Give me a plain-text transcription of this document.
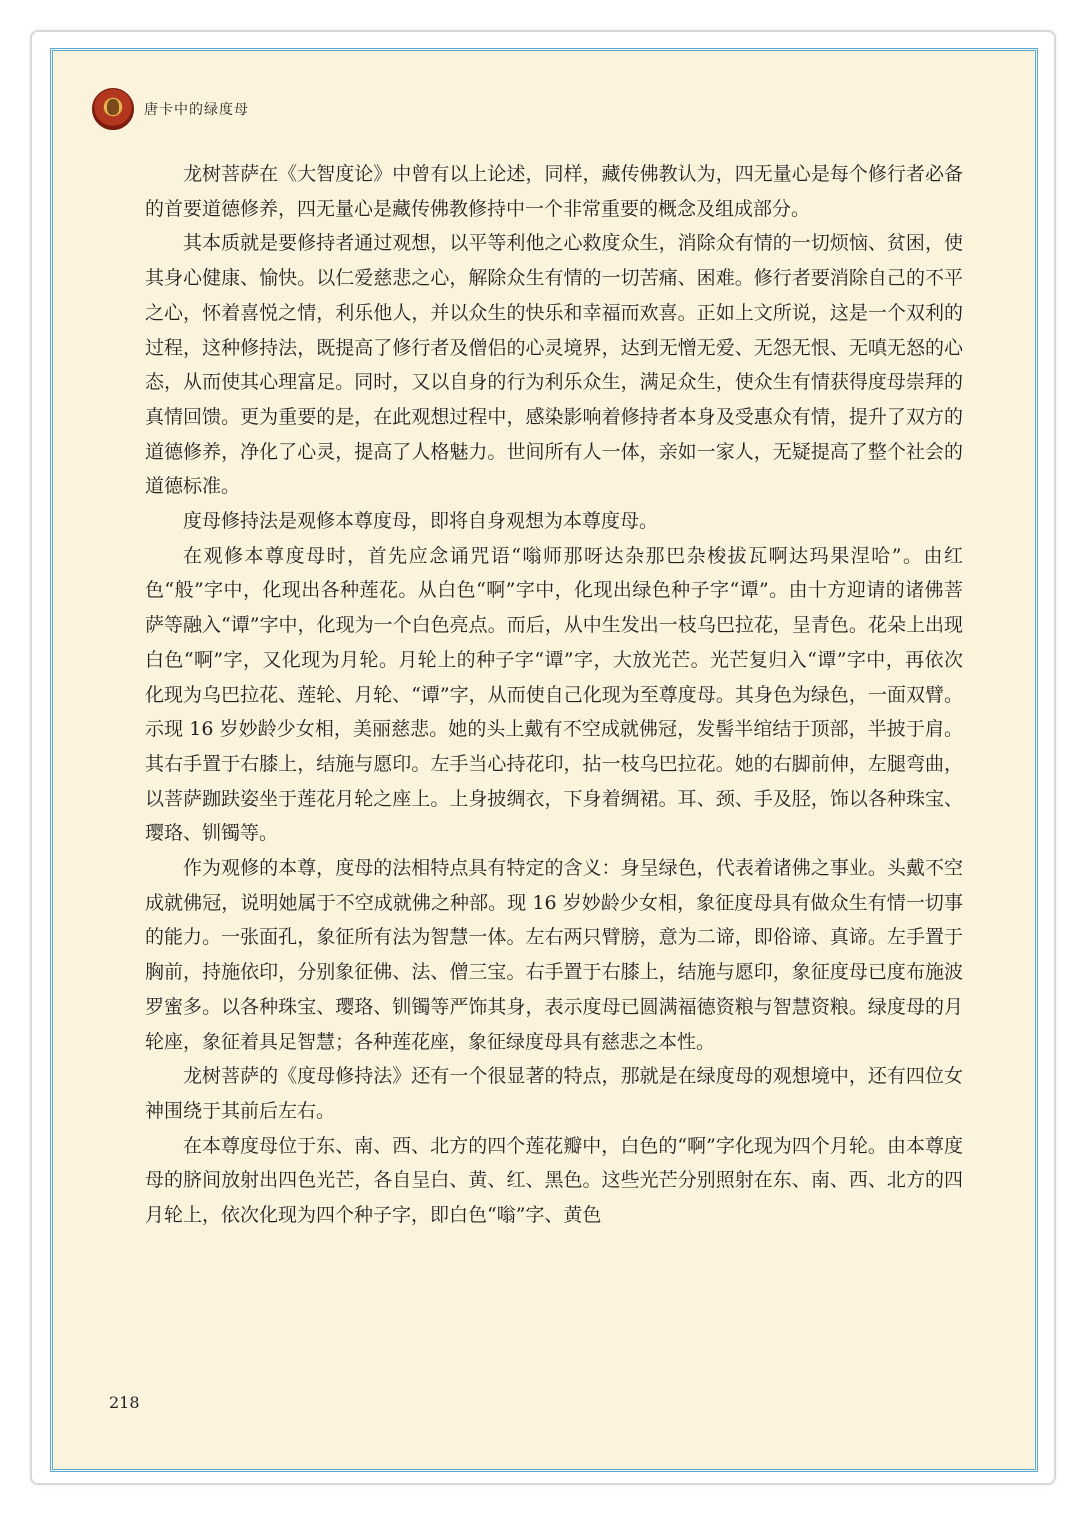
唐卡中的绿度母

龙树菩萨在《大智度论》中曾有以上论述，同样，藏传佛教认为，四无量心是每个修行者必备的首要道德修养，四无量心是藏传佛教修持中一个非常重要的概念及组成部分。

其本质就是要修持者通过观想，以平等利他之心救度众生，消除众有情的一切烦恼、贫困，使其身心健康、愉快。以仁爱慈悲之心，解除众生有情的一切苦痛、困难。修行者要消除自己的不平之心，怀着喜悦之情，利乐他人，并以众生的快乐和幸福而欢喜。正如上文所说，这是一个双利的过程，这种修持法，既提高了修行者及僧侣的心灵境界，达到无憎无爱、无怨无恨、无嗔无怒的心态，从而使其心理富足。同时，又以自身的行为利乐众生，满足众生，使众生有情获得度母崇拜的真情回馈。更为重要的是，在此观想过程中，感染影响着修持者本身及受惠众有情，提升了双方的道德修养，净化了心灵，提高了人格魅力。世间所有人一体，亲如一家人，无疑提高了整个社会的道德标准。

度母修持法是观修本尊度母，即将自身观想为本尊度母。

在观修本尊度母时，首先应念诵咒语“嗡师那呀达杂那巴杂梭拔瓦啊达玛果涅哈”。由红色“般”字中，化现出各种莲花。从白色“啊”字中，化现出绿色种子字“谭”。由十方迎请的诸佛菩萨等融入“谭”字中，化现为一个白色亮点。而后，从中生发出一枝乌巴拉花，呈青色。花朵上出现白色“啊”字，又化现为月轮。月轮上的种子字“谭”字，大放光芒。光芒复归入“谭”字中，再依次化现为乌巴拉花、莲轮、月轮、“谭”字，从而使自己化现为至尊度母。其身色为绿色，一面双臂。示现 16 岁妙龄少女相，美丽慈悲。她的头上戴有不空成就佛冠，发髻半绾结于顶部，半披于肩。其右手置于右膝上，结施与愿印。左手当心持花印，拈一枝乌巴拉花。她的右脚前伸，左腿弯曲，以菩萨跏趺姿坐于莲花月轮之座上。上身披绸衣，下身着绸裙。耳、颈、手及胫，饰以各种珠宝、璎珞、钏镯等。

作为观修的本尊，度母的法相特点具有特定的含义：身呈绿色，代表着诸佛之事业。头戴不空成就佛冠，说明她属于不空成就佛之种部。现 16 岁妙龄少女相，象征度母具有做众生有情一切事的能力。一张面孔，象征所有法为智慧一体。左右两只臂膀，意为二谛，即俗谛、真谛。左手置于胸前，持施依印，分别象征佛、法、僧三宝。右手置于右膝上，结施与愿印，象征度母已度布施波罗蜜多。以各种珠宝、璎珞、钏镯等严饰其身，表示度母已圆满福德资粮与智慧资粮。绿度母的月轮座，象征着具足智慧；各种莲花座，象征绿度母具有慈悲之本性。

龙树菩萨的《度母修持法》还有一个很显著的特点，那就是在绿度母的观想境中，还有四位女神围绕于其前后左右。

在本尊度母位于东、南、西、北方的四个莲花瓣中，白色的“啊”字化现为四个月轮。由本尊度母的脐间放射出四色光芒，各自呈白、黄、红、黑色。这些光芒分别照射在东、南、西、北方的四月轮上，依次化现为四个种子字，即白色“嗡”字、黄色

218
